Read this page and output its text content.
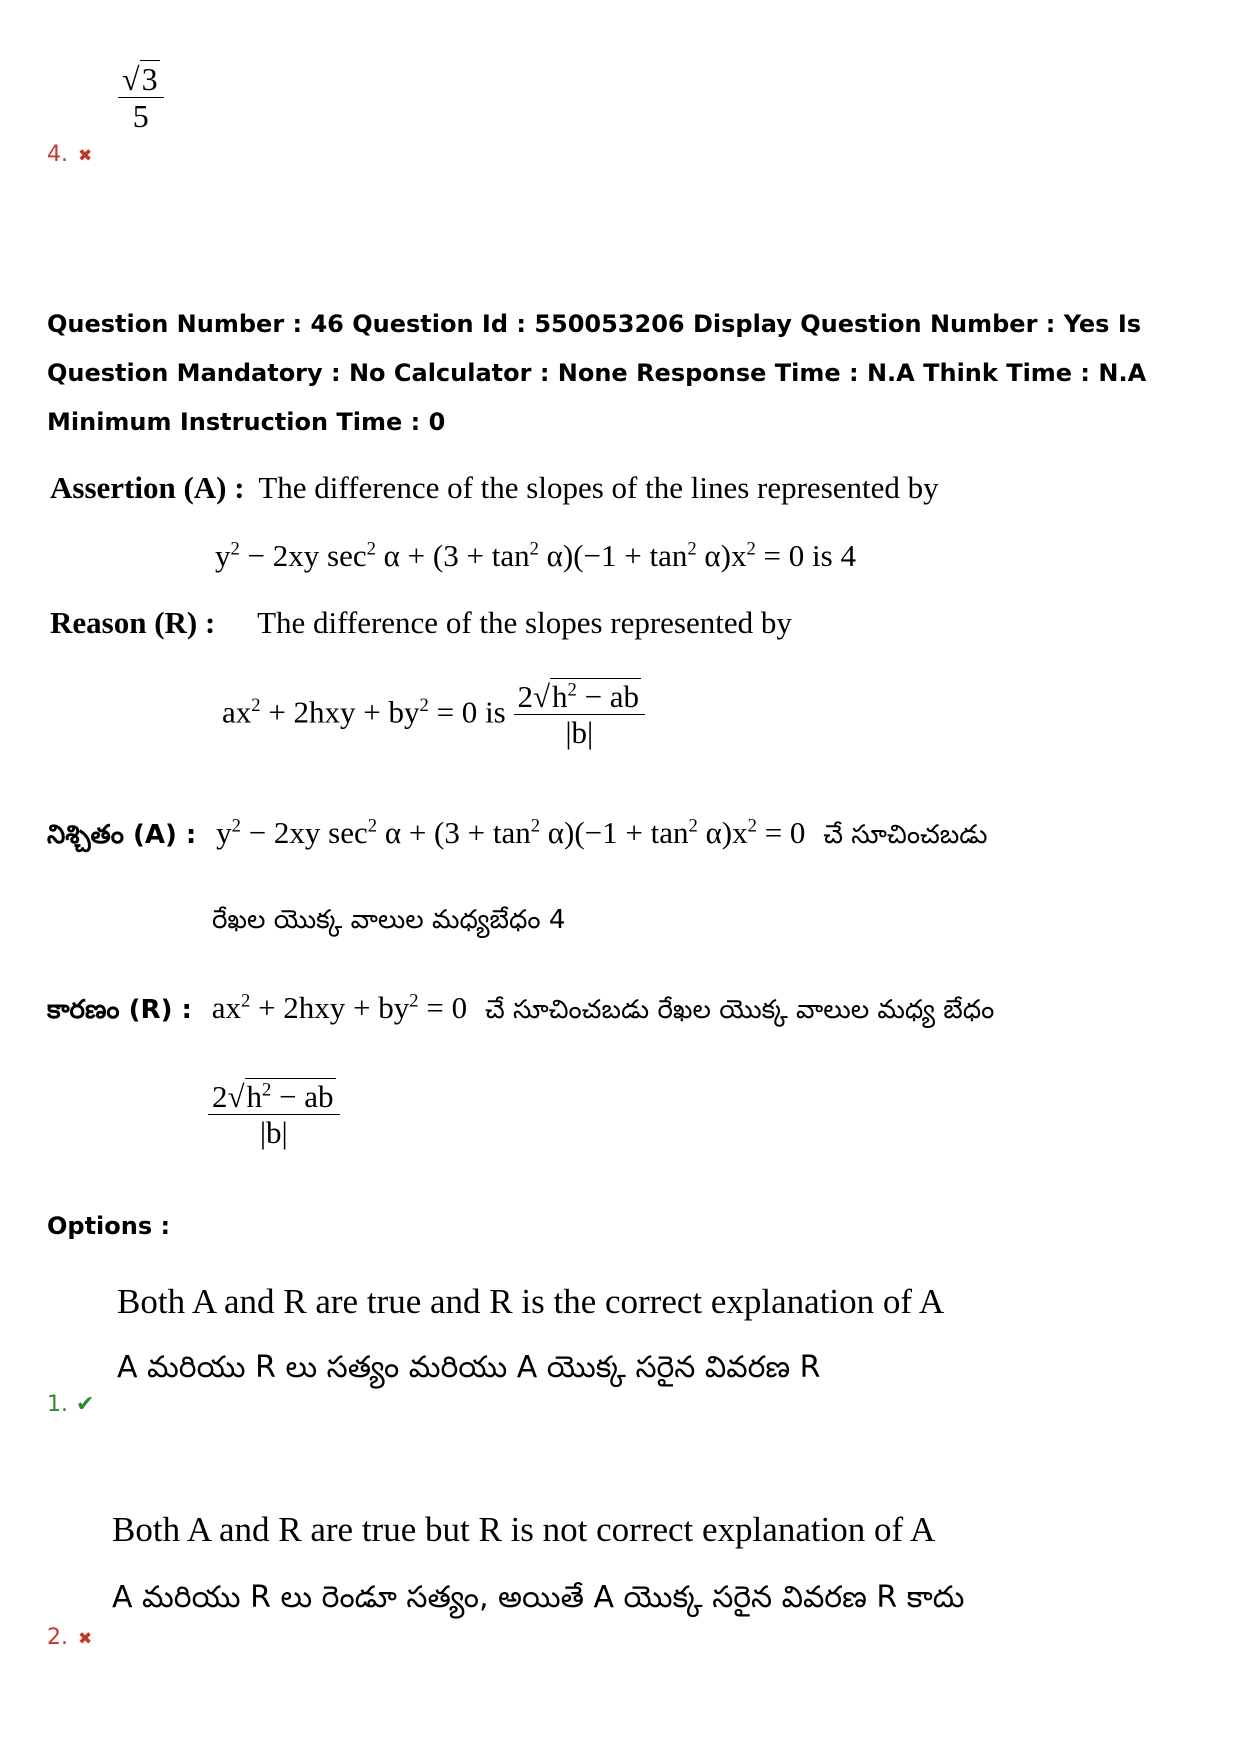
$\frac{√3}{5}$
4. ✖
Question Number : 46 Question Id : 550053206 Display Question Number : Yes Is Question Mandatory : No Calculator : None Response Time : N.A Think Time : N.A Minimum Instruction Time : 0
Assertion (A) : The difference of the slopes of the lines represented by
$y^2 - 2xy$ $\sec^2 \alpha + (3 + \tan^2 \alpha)(-1 + \tan^2 \alpha)x^2 = 0$ is 4
Reason (R) : The difference of the slopes represented by
$ax^2 + 2hxy + by^2 = 0$ is $\frac{2√h^2 - ab}{|b|}$
నిశ్చితం (A) : $y^2 - 2xy$ $\sec^2 \alpha + (3 + \tan^2 \alpha)(-1 + \tan^2 \alpha)x^2 = 0$ చే సూచించబడు
రేఖల యొక్క వాలుల మధ్యబేధం 4
కారణం (R) : $ax^2 + 2hxy + by^2 = 0$ చే సూచించబడు రేఖల యొక్క వాలుల మధ్య బేధం
$\frac{2√h^2 - ab}{|b|}$
Options :
Both A and R are true and R is the correct explanation of A
A మరియు R లు సత్యం మరియు A యొక్క సరైన వివరణ R
1. ✔
Both A and R are true but R is not correct explanation of A
A మరియు R లు రెండూ సత్యం, అయితే A యొక్క సరైన వివరణ R కాదు
2. ✖
